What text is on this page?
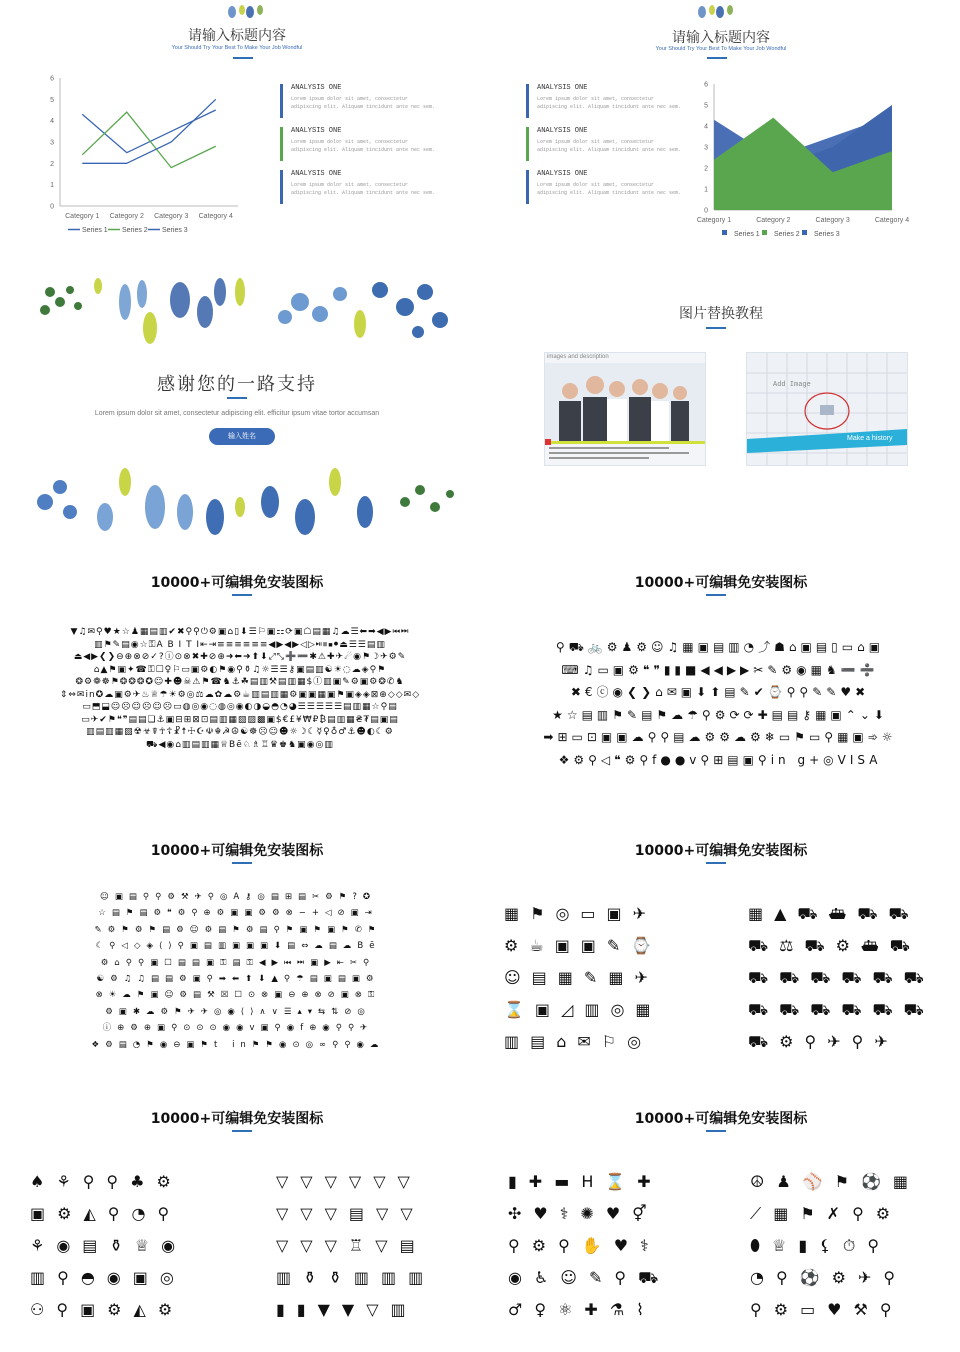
请输入标题内容
Your Should Try Your Best To Make Your Job Wondful
0
1
2
3
4
5
6
Category 1 Category 2 Category 3 Category 4
Series 1 Series 2 Series 3
ANALYSIS ONE
Lorem ipsum dolor sit amet, consectetur
adipiscing elit. Aliquam tincidunt ante nec sem.
ANALYSIS ONE
Lorem ipsum dolor sit amet, consectetur
adipiscing elit. Aliquam tincidunt ante nec sem.
ANALYSIS ONE
Lorem ipsum dolor sit amet, consectetur
adipiscing elit. Aliquam tincidunt ante nec sem.
请输入标题内容
Your Should Try Your Best To Make Your Job Wondful
ANALYSIS ONE
Lorem ipsum dolor sit amet, consectetur
adipiscing elit. Aliquam tincidunt ante nec sem.
ANALYSIS ONE
Lorem ipsum dolor sit amet, consectetur
adipiscing elit. Aliquam tincidunt ante nec sem.
ANALYSIS ONE
Lorem ipsum dolor sit amet, consectetur
adipiscing elit. Aliquam tincidunt ante nec sem.
0
1
2
3
4
5
6
Category 1	Category 2	Category 3	Category 4
Series 1 Series 2 Series 3
感谢您的一路支持
Lorem ipsum dolor sit amet, consectetur adipiscing elit. efficitur ipsum vitae tortor accumsan
输入姓名
图片替换教程
images and description
Add Image
Make a history
10000+可编辑免安装图标
▼♫✉⚲♥★☆♟▦▤▥✔✖⚲⚲⏻⚙▣⌂▯⬇☰⚐▣⚏⟳▣☖▤▦♫☁☰⬅➡◀▶⏮⏭
▥⚑✎▤◉☆⚿A B I T I⇤⇥≡≡≡≡≡≡◀▶◀▶◁▷⏯⏸⏹⏺⏏☰☰▤▥
⏏◀▶❮❯⊖⊕⊗⊘✓?ⓘ⊙⊗✖✚⊘⊕➜⬅➜⬆⬇⤢⤡➕➖✱⚠✚✈☄◉⚑☽✈⚙✎
⌂▲⚑▣✦☎⚿☐♀⚐▭▣⚙◐⚑◉⚲⚱♫☼☰☰⚷▣▤▥☯☀◌☁◈⚲⚑
❂⚙❁☸⚑❂❂❂✪☺✚☻☠⚠⚑☎♞⚓☘▤▥⚒▤▥▦$Ⓘ▥▣✎⚙▣⚙❂✆♞
⇕⇔✉in✪☁▣⚙✈♨♕☂☀⚙◎⚖☁✿☁⚙☕▥▤▥▦⚙▣▣▦▣⚑▣◈◈⊠⊕◇◇✉◇
▭⬒⬓☺☹☺☹☺☹▭◍◎◉◌◍◎◉◐◑◒◓◔◕☰☰☰☰☰▤▥▦☆⚲▤
▭✈✔⚑❝❞▤▤❏⚓▣⊟⊞⊠⊡▤▥▦▧▨▩▣$€£¥₩₽₿▤▥▦₴₮▤▣▤
▥▤▥▦▧☢☣☤☥☦☧☨☩☪☫☬☭☮☯☸☹☺☻☼☽☾☿♀♁♂⚓☻◐☾⚙
⛟◀◉⌂▥▤▥▦♕Bē♘♗♖♛♚♞▣◉◎▥
10000+可编辑免安装图标
⚲⛟🚲⚙♟⚙☺♫▦▣▤▥◔⤴☗⌂▣▤▯▭⌂▣
⌨♫▭▣⚙❝❞▮▮■◀◀▶▶✂✎⚙◉▦♞➖➗
✖€ⓒ◉❮❯⌂✉▣⬇⬆▤✎✔⌚⚲⚲✎✎♥✖
★☆▤▥⚑✎▤⚑☁☂⚲⚙⟳⟳✚▤▤⚷▦▣⌃⌄⬇
➡⊞▭⊡▣▣☁⚲⚲▤☁⚙⚙☁⚙❄▭⚑▭⚲▦▣➾☼
❖⚙⚲◁❝⚙⚲f●●v⚲⊞▤▣⚲in g+◎VISA
10000+可编辑免安装图标
☺▣▤⚲⚲⚙⚒✈⚲◎A⚷◎▤⊞▤✂⚙⚑?✪
☆▤⚑▤⚙❝⚙⚲⊕⚙▣▣⚙⚙⊗−+◁⊘▣⇥
✎⚙⚑⚙⚑▤⚙☺⚙▤⚑⚙▤⚲⚑▣⚑▣⚑✆⚑
☾⚲◁◇◈⟨⟩⚲▣▤▥▣▣▣⬇▤⇔☁▤☁Bē
⚙⌂⚲⚲▣☐▤▤▣⚿▤⚿◀▶⏮⏭▣▶⇤✂⚲
☯⚙♫♫▤▤⚙▣⚲➡⬅⬆⬇▲⚲☂▤▣▤▣⚙
⊗☀☁⚑▣☺⚙▤⚒☒☐⊙⊗▣⊖⊕⊗⊘▣⊗⚿
⚙▣✱☁⚙⚑✈✈◎◉⟨⟩∧∨☰▴▾⇆⇅⊘◎
ⓘ⊕⚙⊕▣⚲⊙⊙⊙◉◉v▣⚲◉f⊕◉⚲⚲✈
❖⚙▤◔⚑◉⊖▣⚑t in⚑⚑◉⊙◎∞⚲⚲◉☁
10000+可编辑免安装图标
▦⚑◎▭▣✈
⚙☕▣▣✎⌚
☺▤▦✎▦✈
⌛▣◿▥◎▦
▥▤⌂✉⚐◎
▦▲⛟⛴⛟⛟
⛟⚖⛟⚙⛴⛟
⛟⛟⛟⛟⛟⛟
⛟⛟⛟⛟⛟⛟
⛟⚙⚲✈⚲✈
10000+可编辑免安装图标
♠⚘⚲⚲♣⚙
▣⚙◭⚲◔⚲
⚘◉▤⚱♕◉
▥⚲◓◉▣◎
⚇⚲▣⚙◭⚙
▽▽▽▽▽▽
▽▽▽▤▽▽
▽▽▽♖▽▤
▥⚱⚱▥▥▥
▮▮▼▼▽▥
10000+可编辑免安装图标
▮✚▬H⌛✚
✣♥⚕✺♥⚥
⚲⚙⚲✋♥⚕
◉♿☺✎⚲⛟
♂♀⚛✚⚗⌇
☮♟⚾⚑⚽▦
⟋▦⚑✗⚲⚙
⬮♕▮⚸⏱⚲
◔⚲⚽⚙✈⚲
⚲⚙▭♥⚒⚲
